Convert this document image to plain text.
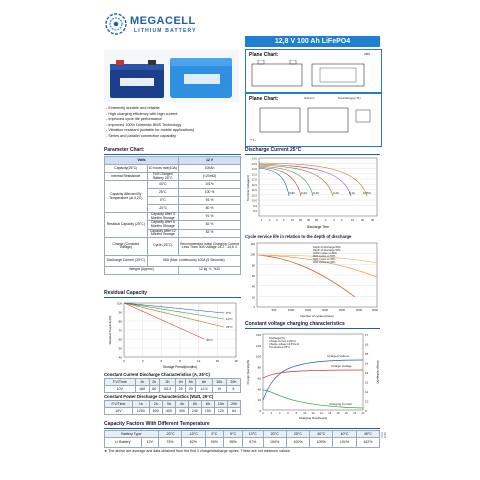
MEGACELL
LITHIUM BATTERY
- Extremely durable and reliable
- High charging efficiency with high current
- Improved cycle life performance
- Improved 100% Domestic BMS Technology
- Vibration resistant (suitable for mobile applications)
- Series and parallel connection capability
12,8 V 100 Ah LiFePO4
Plane Chart:	ABS
Plane Chart:	Unit:mm	Terminal type (T1)
+ / -
Parameter Chart:
Volts		12 V
Capacity(25°C)	10 hours rate(10A)	100Ah
Internal Resistance	Full Charged Battery 25°C	(<20mΩ)
Capacity Affected By Temperature (at 0,2C)	40°C	101%
	25°C	100 %
	0°C	93 %
	-20°C	80 %
Residual Capacity (25°C)	Capacity After 3 Months Storage	91 %
	Capacity After 6 Months Storage	82 %
	Capacity After 12 Months Storage	82 %
Charge (Constant Voltage)	Cycle (25°C)	Recommended Initial Charging Current Less Than 30A Voltage 14,2 - 14,6 V
Discharge Current (25°C)	50A (Max. continuous) 100A (5 Seconds)	
Weight (Approx)		12 kg +/- %10
Discharge Current 25°C
14.0
13.5
13.0
12.5
12.0
11.5
11.0
10.5
10.0
9.5
9.0
0,8C 0,6C 0,4C	0,2C	0,1C	0,05C
1 2 3 5 10 20 30 60 2 3 5	10 20 30
Discharge Time
Terminal Voltage(V)
Cycle service life in relation to the depth of discharge
Depth of discharge 80%
Depth of discharge 50%
100% cycles vs 80%
80% cycles vs 50%
50% cycles vs 30%
30% cycles vs 30%
120
100
80
60
40
20
0
500	1000	1500	2000	2500	3000	3500
Number of cycles (times)
Residual Capacity
0°C
10°C
25°C
40°C
100
90
80
70
60
50
40
0	3	6	9	12	15	18
Storage Period(months)
Residual Capacity(%)	Constant voltage charging characteristics
Discharge(%)
Charge current 0,25CA
Charge voltage 14,6V/unit
Temperature:25°C
Charged Volume
Charge Voltage
Charging Current
140
120
100
80
60
40
20
0
17
16
15
14
13
12
11
10
9
0	2	4	6	8 10 12 14 16 18 20 22 24
Charging time(hours)
Charge Quantity(%)	Charge Voltage(V)
Constant Current Discharge Characteristics (A, 25°C)
F.V/Time	1h	2h	3h	4h	5h	8h	10h	20h
10V	160	60	53.3	25	20	12.5	10	5
Constant Power Discharge Characteristics (Watt, 25°C)
F.V/Time	1h	2h	3h	4h	5h	8h	10h	20h
10V	1200	600	400	300	240	150	120	64
Capacity Factors With Different Temperature
Battery Type		-20°C	-10°C	0°C	5°C	10°C	20°C	25°C	30°C	40°C	45°C
Li Battery	12V	73%	82%	93%	95%	97%	100%	100%	100%	101%	102%
★ The above are average and data obtained from the first 3 charge/discharge cycles. These are not minimum values.
CSU-1000
